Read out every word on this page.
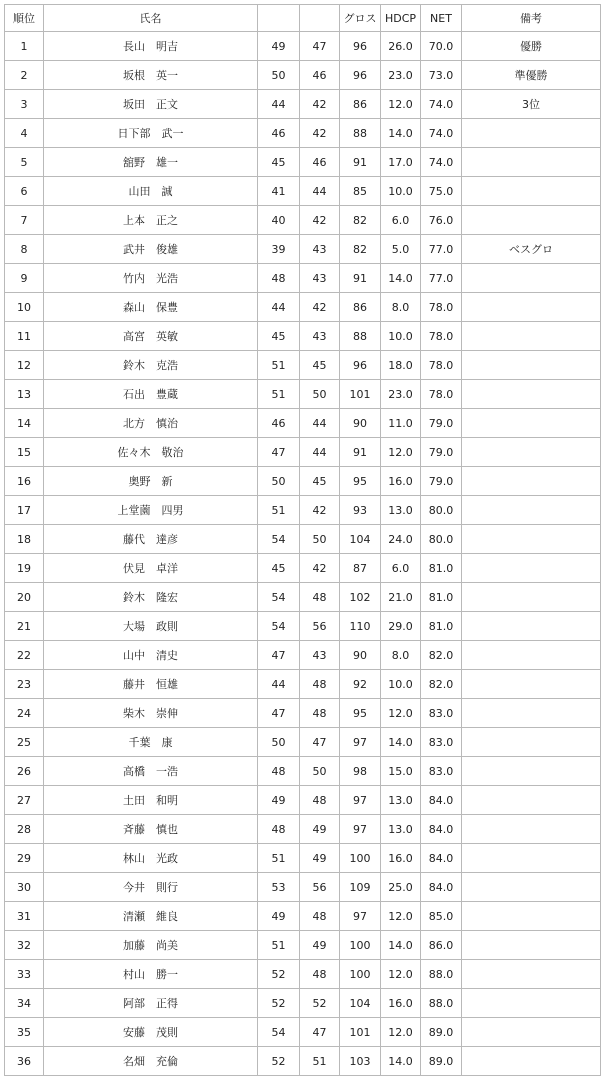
順位	氏名			グロス	HDCP	NET	備考
1	長山　明吉	49	47	96	26.0	70.0	優勝
2	坂根　英一	50	46	96	23.0	73.0	準優勝
3	坂田　正文	44	42	86	12.0	74.0	3位
4	日下部　武一	46	42	88	14.0	74.0	
5	舘野　雄一	45	46	91	17.0	74.0	
6	山田　誠	41	44	85	10.0	75.0	
7	上本　正之	40	42	82	6.0	76.0	
8	武井　俊雄	39	43	82	5.0	77.0	ベスグロ
9	竹内　光浩	48	43	91	14.0	77.0	
10	森山　保豊	44	42	86	8.0	78.0	
11	高宮　英敏	45	43	88	10.0	78.0	
12	鈴木　克浩	51	45	96	18.0	78.0	
13	石出　豊蔵	51	50	101	23.0	78.0	
14	北方　慎治	46	44	90	11.0	79.0	
15	佐々木　敬治	47	44	91	12.0	79.0	
16	奥野　新	50	45	95	16.0	79.0	
17	上堂薗　四男	51	42	93	13.0	80.0	
18	藤代　達彦	54	50	104	24.0	80.0	
19	伏見　卓洋	45	42	87	6.0	81.0	
20	鈴木　隆宏	54	48	102	21.0	81.0	
21	大場　政則	54	56	110	29.0	81.0	
22	山中　清史	47	43	90	8.0	82.0	
23	藤井　恒雄	44	48	92	10.0	82.0	
24	柴木　崇伸	47	48	95	12.0	83.0	
25	千葉　康	50	47	97	14.0	83.0	
26	高橋　一浩	48	50	98	15.0	83.0	
27	土田　和明	49	48	97	13.0	84.0	
28	斉藤　慎也	48	49	97	13.0	84.0	
29	林山　光政	51	49	100	16.0	84.0	
30	今井　則行	53	56	109	25.0	84.0	
31	清瀬　維良	49	48	97	12.0	85.0	
32	加藤　尚美	51	49	100	14.0	86.0	
33	村山　勝一	52	48	100	12.0	88.0	
34	阿部　正得	52	52	104	16.0	88.0	
35	安藤　茂則	54	47	101	12.0	89.0	
36	名畑　充倫	52	51	103	14.0	89.0	
